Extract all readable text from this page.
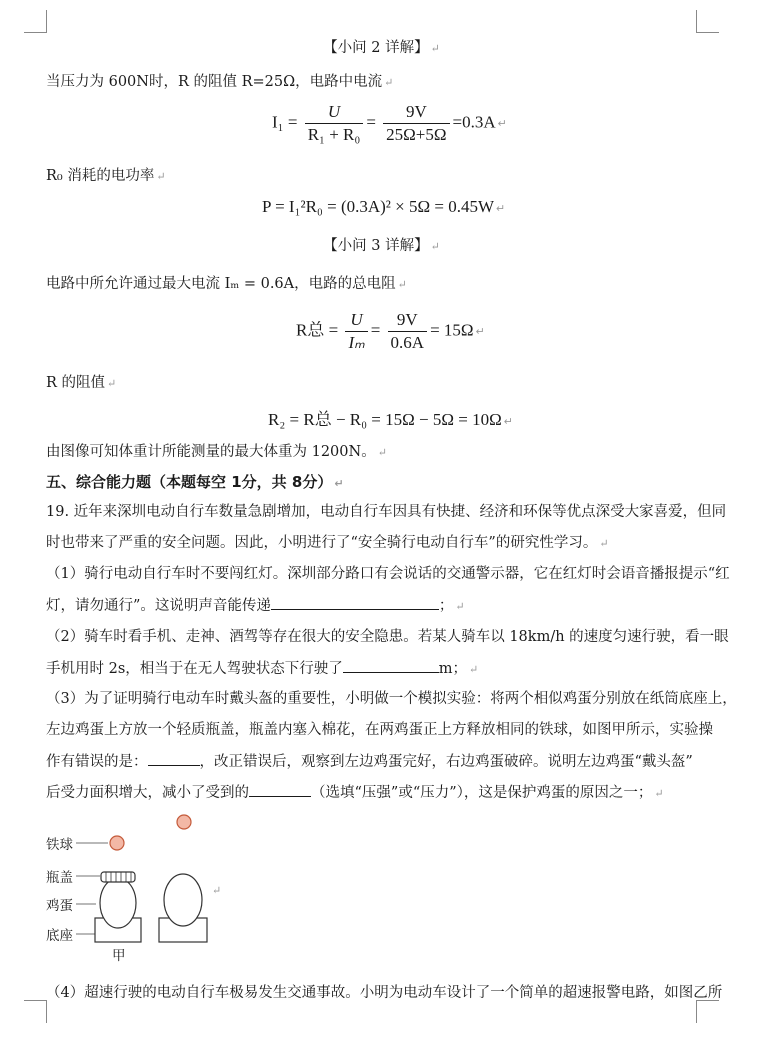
【小问 2 详解】 ↵
当压力为 600N时，R 的阻值 R=25Ω，电路中电流 ↵
$I_1 = \frac{U}{\text{R₁ + R₀}} = \frac{9V}{25\Omega+5\Omega} =0.3A$ ↵
R₀ 消耗的电功率 ↵
P = I₁²R₀ = (0.3A)² × 5Ω = 0.45W ↵
【小问 3 详解】 ↵
电路中所允许通过最大电流 Iₘ = 0.6A，电路的总电阻 ↵
R总 = $\frac{U}{\text{Iₘ}} = \frac{9V}{0.6A} = 15\Omega$ ↵
R 的阻值 ↵
R₂ = R总 − R₀ = 15Ω − 5Ω = 10Ω ↵
由图像可知体重计所能测量的最大体重为 1200N。 ↵
五、综合能力题（本题每空 1分，共 8分） ↵
19. 近年来深圳电动自行车数量急剧增加，电动自行车因具有快捷、经济和环保等优点深受大家喜爱，但同
时也带来了严重的安全问题。因此，小明进行了“安全骑行电动自行车”的研究性学习。 ↵
（1）骑行电动自行车时不要闯红灯。深圳部分路口有会说话的交通警示器，它在红灯时会语音播报提示“红
灯，请勿通行”。这说明声音能传递	； ↵
（2）骑车时看手机、走神、酒驾等存在很大的安全隐患。若某人骑车以 18km/h 的速度匀速行驶，看一眼
手机用时 2s，相当于在无人驾驶状态下行驶了	m； ↵
（3）为了证明骑行电动车时戴头盔的重要性，小明做一个模拟实验：将两个相似鸡蛋分别放在纸筒底座上，
左边鸡蛋上方放一个轻质瓶盖，瓶盖内塞入棉花，在两鸡蛋正上方释放相同的铁球，如图甲所示，实验操
作有错误的是：	，改正错误后，观察到左边鸡蛋完好，右边鸡蛋破碎。说明左边鸡蛋“戴头盔”
后受力面积增大，减小了受到的	（选填“压强”或“压力”），这是保护鸡蛋的原因之一； ↵
铁球
瓶盖
鸡蛋
底座
甲
↵
（4）超速行驶的电动自行车极易发生交通事故。小明为电动车设计了一个简单的超速报警电路，如图乙所
